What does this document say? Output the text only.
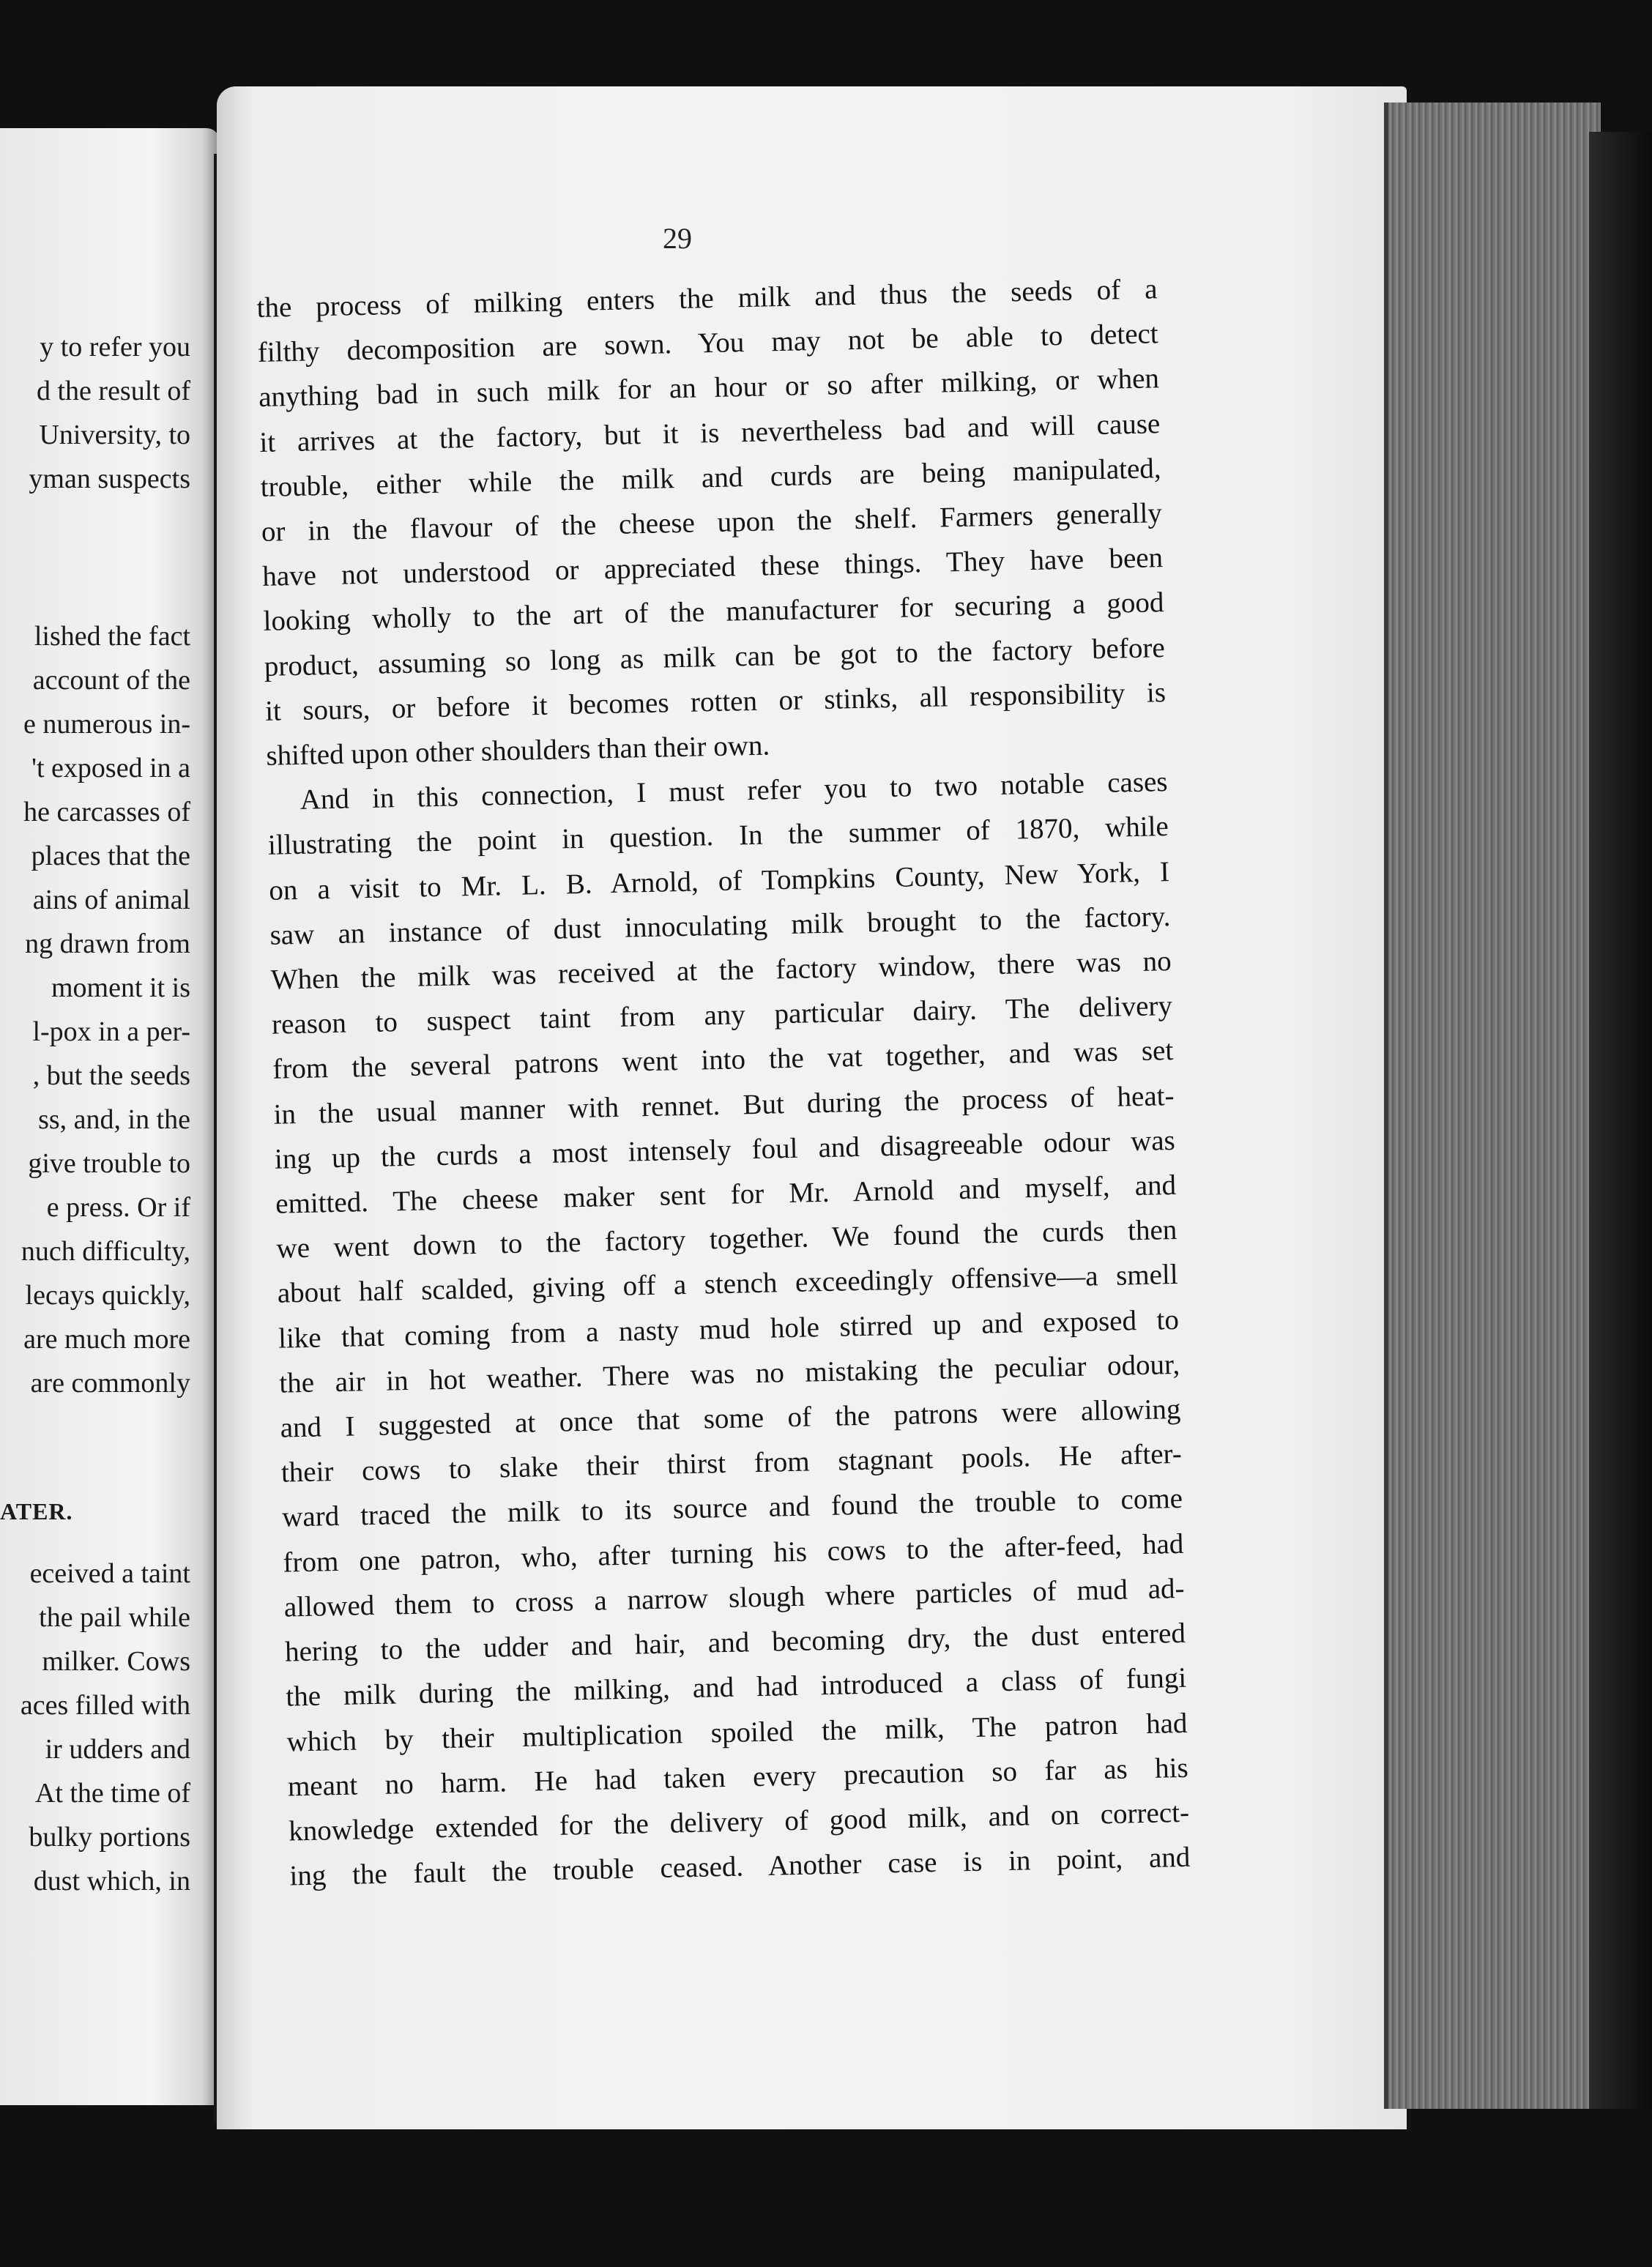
y to refer you
d the result of
University, to
yman suspects
lished the fact
account of the
e numerous in-
't exposed in a
he carcasses of
places that the
ains of animal
ng drawn from
moment it is
l-pox in a per-
, but the seeds
ss, and, in the
give trouble to
e press. Or if
nuch difficulty,
lecays quickly,
are much more
are commonly
ATER.
eceived a taint
the pail while
milker. Cows
aces filled with
ir udders and
At the time of
bulky portions
dust which, in
29
the process of milking enters the milk and thus the seeds of a
filthy decomposition are sown. You may not be able to detect
anything bad in such milk for an hour or so after milking, or when
it arrives at the factory, but it is nevertheless bad and will cause
trouble, either while the milk and curds are being manipulated,
or in the flavour of the cheese upon the shelf. Farmers generally
have not understood or appreciated these things. They have been
looking wholly to the art of the manufacturer for securing a good
product, assuming so long as milk can be got to the factory before
it sours, or before it becomes rotten or stinks, all responsibility is
shifted upon other shoulders than their own.
And in this connection, I must refer you to two notable cases
illustrating the point in question. In the summer of 1870, while
on a visit to Mr. L. B. Arnold, of Tompkins County, New York, I
saw an instance of dust innoculating milk brought to the factory.
When the milk was received at the factory window, there was no
reason to suspect taint from any particular dairy. The delivery
from the several patrons went into the vat together, and was set
in the usual manner with rennet. But during the process of heat-
ing up the curds a most intensely foul and disagreeable odour was
emitted. The cheese maker sent for Mr. Arnold and myself, and
we went down to the factory together. We found the curds then
about half scalded, giving off a stench exceedingly offensive—a smell
like that coming from a nasty mud hole stirred up and exposed to
the air in hot weather. There was no mistaking the peculiar odour,
and I suggested at once that some of the patrons were allowing
their cows to slake their thirst from stagnant pools. He after-
ward traced the milk to its source and found the trouble to come
from one patron, who, after turning his cows to the after-feed, had
allowed them to cross a narrow slough where particles of mud ad-
hering to the udder and hair, and becoming dry, the dust entered
the milk during the milking, and had introduced a class of fungi
which by their multiplication spoiled the milk, The patron had
meant no harm. He had taken every precaution so far as his
knowledge extended for the delivery of good milk, and on correct-
ing the fault the trouble ceased. Another case is in point, and
